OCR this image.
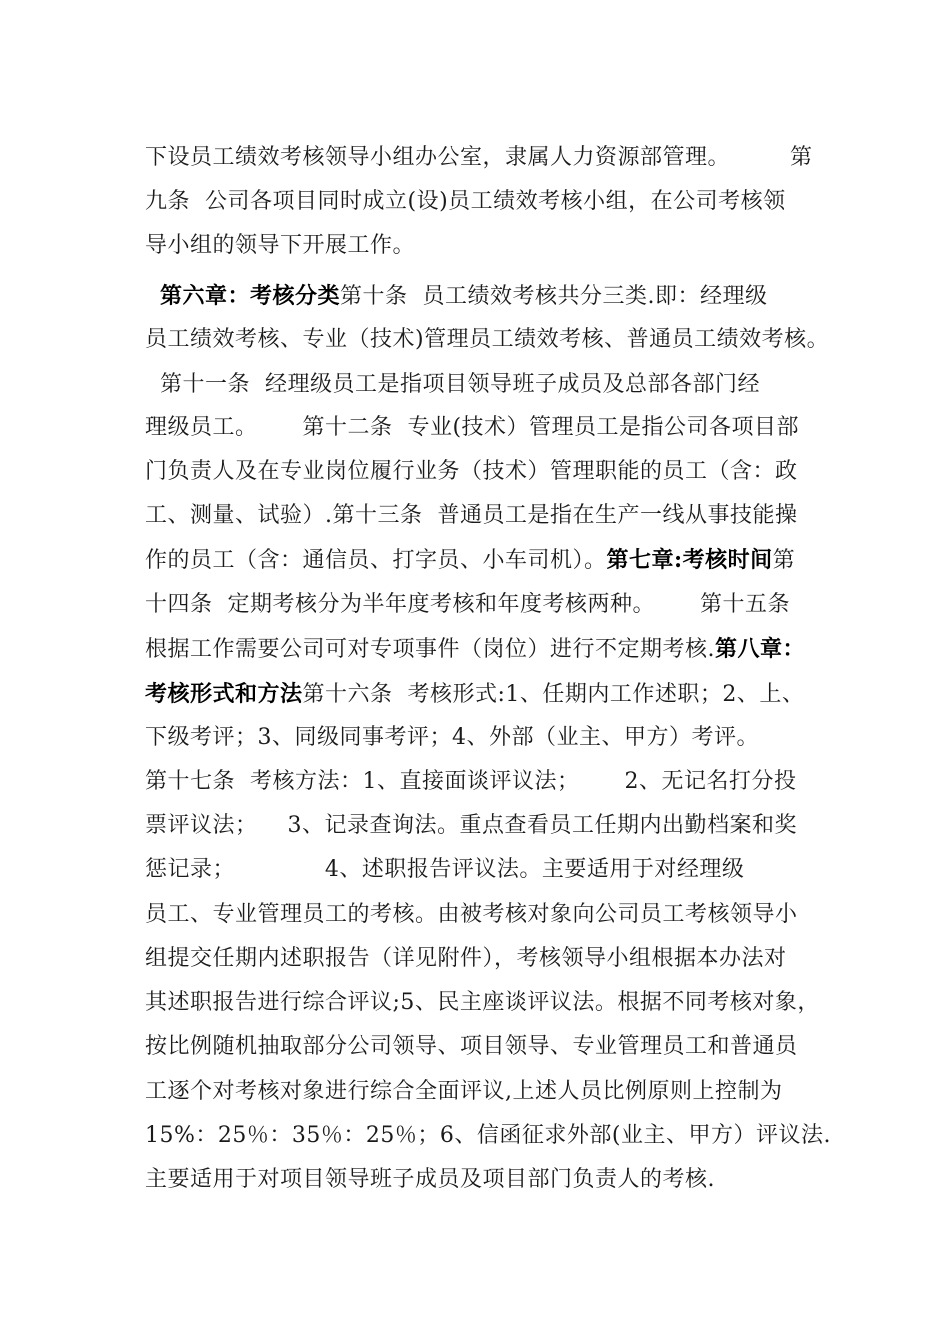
下设员工绩效考核领导小组办公室，隶属人力资源部管理。        第
九条  公司各项目同时成立(设)员工绩效考核小组，在公司考核领
导小组的领导下开展工作。
第六章：考核分类第十条  员工绩效考核共分三类.即：经理级
员工绩效考核、专业（技术)管理员工绩效考核、普通员工绩效考核。
第十一条  经理级员工是指项目领导班子成员及总部各部门经
理级员工。      第十二条  专业(技术）管理员工是指公司各项目部
门负责人及在专业岗位履行业务（技术）管理职能的员工（含：政
工、测量、试验）.第十三条  普通员工是指在生产一线从事技能操
作的员工（含：通信员、打字员、小车司机）。第七章:考核时间第
十四条  定期考核分为半年度考核和年度考核两种。      第十五条
根据工作需要公司可对专项事件（岗位）进行不定期考核.第八章：
考核形式和方法第十六条  考核形式:1、任期内工作述职；2、上、
下级考评；3、同级同事考评；4、外部（业主、甲方）考评。
第十七条  考核方法：1、直接面谈评议法；      2、无记名打分投
票评议法；    3、记录查询法。重点查看员工任期内出勤档案和奖
惩记录；            4、述职报告评议法。主要适用于对经理级
员工、专业管理员工的考核。由被考核对象向公司员工考核领导小
组提交任期内述职报告（详见附件），考核领导小组根据本办法对
其述职报告进行综合评议;5、民主座谈评议法。根据不同考核对象，
按比例随机抽取部分公司领导、项目领导、专业管理员工和普通员
工逐个对考核对象进行综合全面评议,上述人员比例原则上控制为
15%：25％：35％：25％；6、信函征求外部(业主、甲方）评议法.
主要适用于对项目领导班子成员及项目部门负责人的考核.
